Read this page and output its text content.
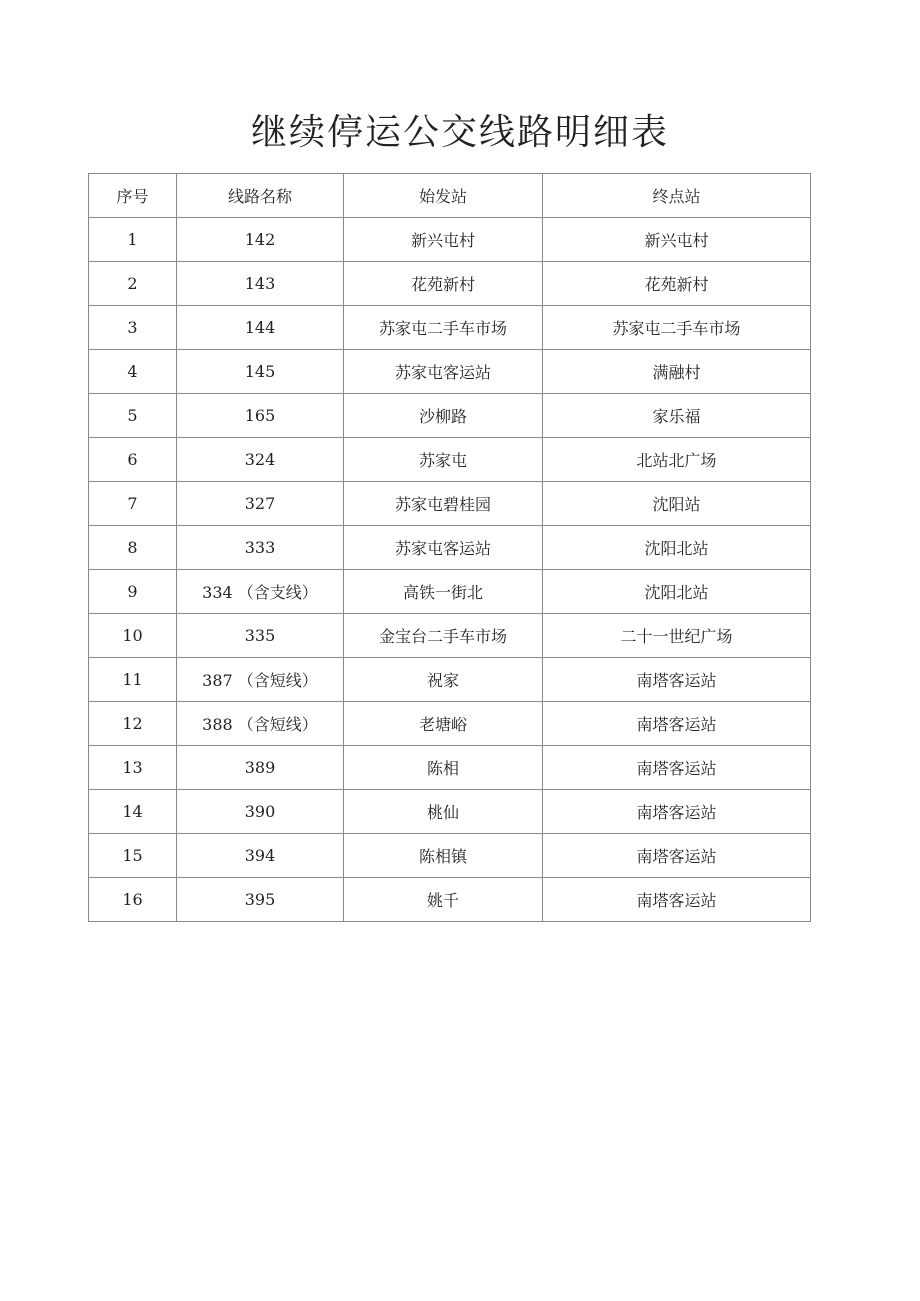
继续停运公交线路明细表
序号	线路名称	始发站	终点站
1	142	新兴屯村	新兴屯村
2	143	花苑新村	花苑新村
3	144	苏家屯二手车市场	苏家屯二手车市场
4	145	苏家屯客运站	满融村
5	165	沙柳路	家乐福
6	324	苏家屯	北站北广场
7	327	苏家屯碧桂园	沈阳站
8	333	苏家屯客运站	沈阳北站
9	334 （含支线）	高铁一街北	沈阳北站
10	335	金宝台二手车市场	二十一世纪广场
11	387 （含短线）	祝家	南塔客运站
12	388 （含短线）	老塘峪	南塔客运站
13	389	陈相	南塔客运站
14	390	桃仙	南塔客运站
15	394	陈相镇	南塔客运站
16	395	姚千	南塔客运站
